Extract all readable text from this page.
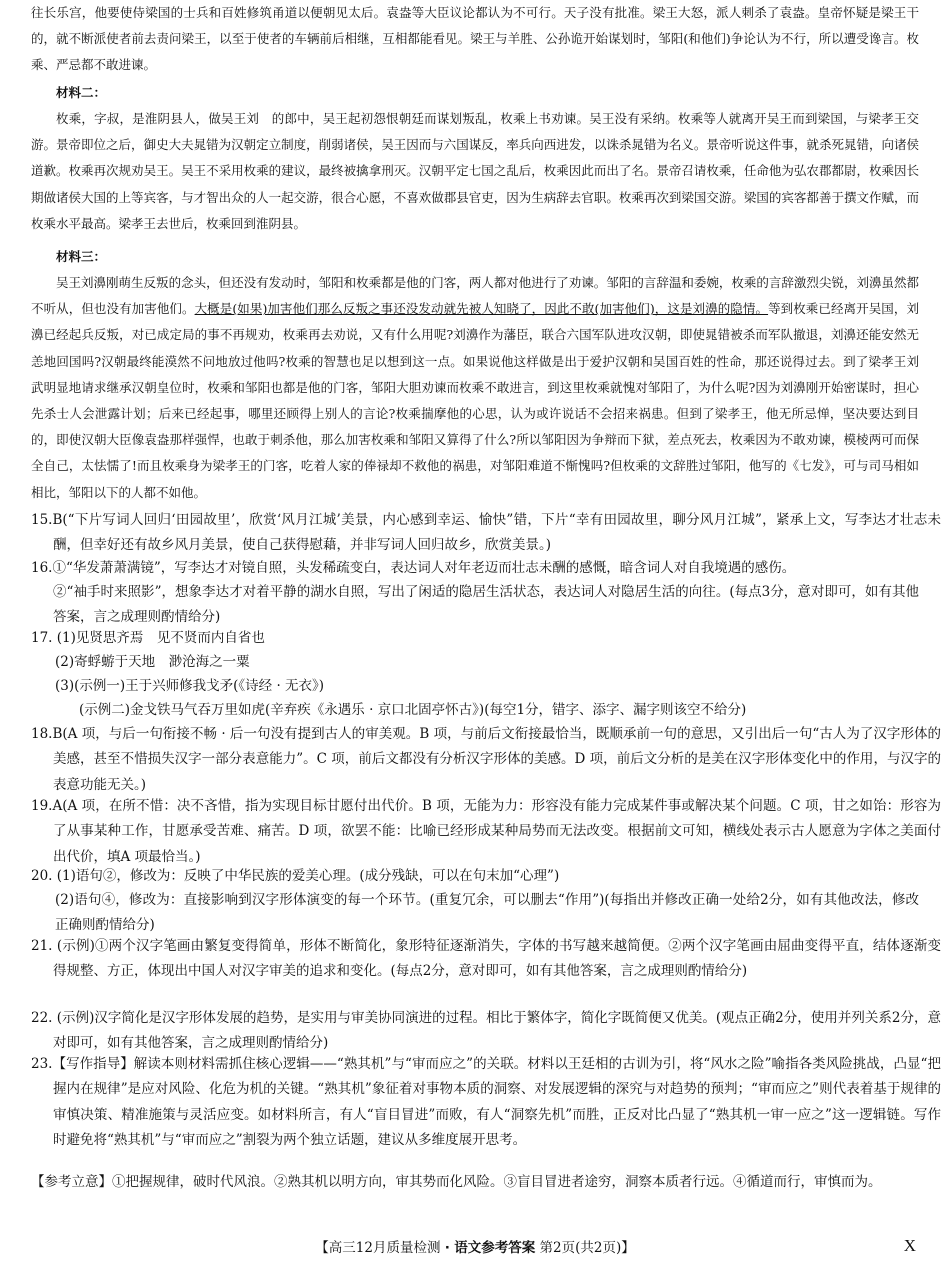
往长乐宫，他要使侍梁国的士兵和百姓修筑甬道以便朝见太后。袁盎等大臣议论都认为不可行。天子没有批准。梁王大怒，派人刺杀了袁盎。皇帝怀疑是梁王干的，就不断派使者前去责问梁王，以至于使者的车辆前后相继，互相都能看见。梁王与羊胜、公孙诡开始谋划时，邹阳(和他们)争论认为不行，所以遭受谗言。枚乘、严忌都不敢进谏。

材料二：

枚乘，字叔，是淮阴县人，做吴王刘　的郎中，吴王起初怨恨朝廷而谋划叛乱，枚乘上书劝谏。吴王没有采纳。枚乘等人就离开吴王而到梁国，与梁孝王交游。景帝即位之后，御史大夫晁错为汉朝定立制度，削弱诸侯，吴王因而与六国谋反，率兵向西进发，以诛杀晁错为名义。景帝听说这件事，就杀死晁错，向诸侯道歉。枚乘再次规劝吴王。吴王不采用枚乘的建议，最终被擒拿刑灭。汉朝平定七国之乱后，枚乘因此而出了名。景帝召请枚乘，任命他为弘农郡都尉，枚乘因长期做诸侯大国的上等宾客，与才智出众的人一起交游，很合心愿，不喜欢做郡县官吏，因为生病辞去官职。枚乘再次到梁国交游。梁国的宾客都善于撰文作赋，而枚乘水平最高。梁孝王去世后，枚乘回到淮阴县。

材料三：

吴王刘濞刚萌生反叛的念头，但还没有发动时，邹阳和枚乘都是他的门客，两人都对他进行了劝谏。邹阳的言辞温和委婉，枚乘的言辞激烈尖锐，刘濞虽然都不听从，但也没有加害他们。大概是(如果)加害他们那么反叛之事还没发动就先被人知晓了，因此不敢(加害他们)，这是刘濞的隐情。等到枚乘已经离开吴国，刘濞已经起兵反叛，对已成定局的事不再规劝，枚乘再去劝说，又有什么用呢?刘濞作为藩臣，联合六国军队进攻汉朝，即使晁错被杀而军队撤退，刘濞还能安然无恙地回国吗?汉朝最终能漠然不问地放过他吗?枚乘的智慧也足以想到这一点。如果说他这样做是出于爱护汉朝和吴国百姓的性命，那还说得过去。到了梁孝王刘武明显地请求继承汉朝皇位时，枚乘和邹阳也都是他的门客，邹阳大胆劝谏而枚乘不敢进言，到这里枚乘就愧对邹阳了，为什么呢?因为刘濞刚开始密谋时，担心先杀士人会泄露计划；后来已经起事，哪里还顾得上别人的言论?枚乘揣摩他的心思，认为或许说话不会招来祸患。但到了梁孝王，他无所忌惮，坚决要达到目的，即使汉朝大臣像袁盎那样强悍，也敢于刺杀他，那么加害枚乘和邹阳又算得了什么?所以邹阳因为争辩而下狱，差点死去，枚乘因为不敢劝谏，模棱两可而保全自己，太怯懦了!而且枚乘身为梁孝王的门客，吃着人家的俸禄却不救他的祸患，对邹阳难道不惭愧吗?但枚乘的文辞胜过邹阳，他写的《七发》，可与司马相如相比，邹阳以下的人都不如他。

15.B(“下片写词人回归‘田园故里’，欣赏‘风月江城’美景，内心感到幸运、愉快”错，下片“幸有田园故里，聊分风月江城”，紧承上文，写李达才壮志未酬，但幸好还有故乡风月美景，使自己获得慰藉，并非写词人回归故乡，欣赏美景。)

16.①“华发萧萧满镜”，写李达才对镜自照，头发稀疏变白，表达词人对年老迈而壮志未酬的感慨，暗含词人对自我境遇的感伤。

②“袖手时来照影”，想象李达才对着平静的湖水自照，写出了闲适的隐居生活状态，表达词人对隐居生活的向往。(每点3分，意对即可，如有其他答案，言之成理则酌情给分)

17. (1)见贤思齐焉　见不贤而内自省也

(2)寄蜉蝣于天地　渺沧海之一粟

(3)(示例一)王于兴师修我戈矛(《诗经 · 无衣》)

(示例二)金戈铁马气吞万里如虎(辛弃疾《永遇乐 · 京口北固亭怀古》)(每空1分，错字、添字、漏字则该空不给分)

18.B(A 项，与后一句衔接不畅 · 后一句没有提到古人的审美观。B 项，与前后文衔接最恰当，既顺承前一句的意思，又引出后一句“古人为了汉字形体的美感，甚至不惜损失汉字一部分表意能力”。C 项，前后文都没有分析汉字形体的美感。D 项，前后文分析的是美在汉字形体变化中的作用，与汉字的表意功能无关。)

19.A(A 项，在所不惜：决不吝惜，指为实现目标甘愿付出代价。B 项，无能为力：形容没有能力完成某件事或解决某个问题。C 项，甘之如饴：形容为了从事某种工作，甘愿承受苦难、痛苦。D 项，欲罢不能：比喻已经形成某种局势而无法改变。根据前文可知，横线处表示古人愿意为字体之美面付出代价，填A 项最恰当。)

20. (1)语句②，修改为：反映了中华民族的爱美心理。(成分残缺，可以在句末加“心理”)

(2)语句④，修改为：直接影响到汉字形体演变的每一个环节。(重复冗余，可以删去“作用”)(每指出并修改正确一处给2分，如有其他改法，修改正确则酌情给分)

21. (示例)①两个汉字笔画由繁复变得简单，形体不断简化，象形特征逐渐消失，字体的书写越来越简便。②两个汉字笔画由屈曲变得平直，结体逐渐变得规整、方正，体现出中国人对汉字审美的追求和变化。(每点2分，意对即可，如有其他答案，言之成理则酌情给分)

22. (示例)汉字简化是汉字形体发展的趋势，是实用与审美协同演进的过程。相比于繁体字，简化字既简便又优美。(观点正确2分，使用并列关系2分，意对即可，如有其他答案，言之成理则酌情给分)

23.【写作指导】解读本则材料需抓住核心逻辑——“熟其机”与“审而应之”的关联。材料以王廷相的古训为引，将“风水之险”喻指各类风险挑战，凸显“把握内在规律”是应对风险、化危为机的关键。“熟其机”象征着对事物本质的洞察、对发展逻辑的深究与对趋势的预判；“审而应之”则代表着基于规律的审慎决策、精准施策与灵活应变。如材料所言，有人“盲目冒进”而败，有人“洞察先机”而胜，正反对比凸显了“熟其机一审一应之”这一逻辑链。写作时避免将“熟其机”与“审而应之”割裂为两个独立话题，建议从多维度展开思考。

【参考立意】①把握规律，破时代风浪。②熟其机以明方向，审其势而化风险。③盲目冒进者途穷，洞察本质者行远。④循道而行，审慎而为。

【高三12月质量检测 · 语文参考答案 第2页(共2页)】	X
